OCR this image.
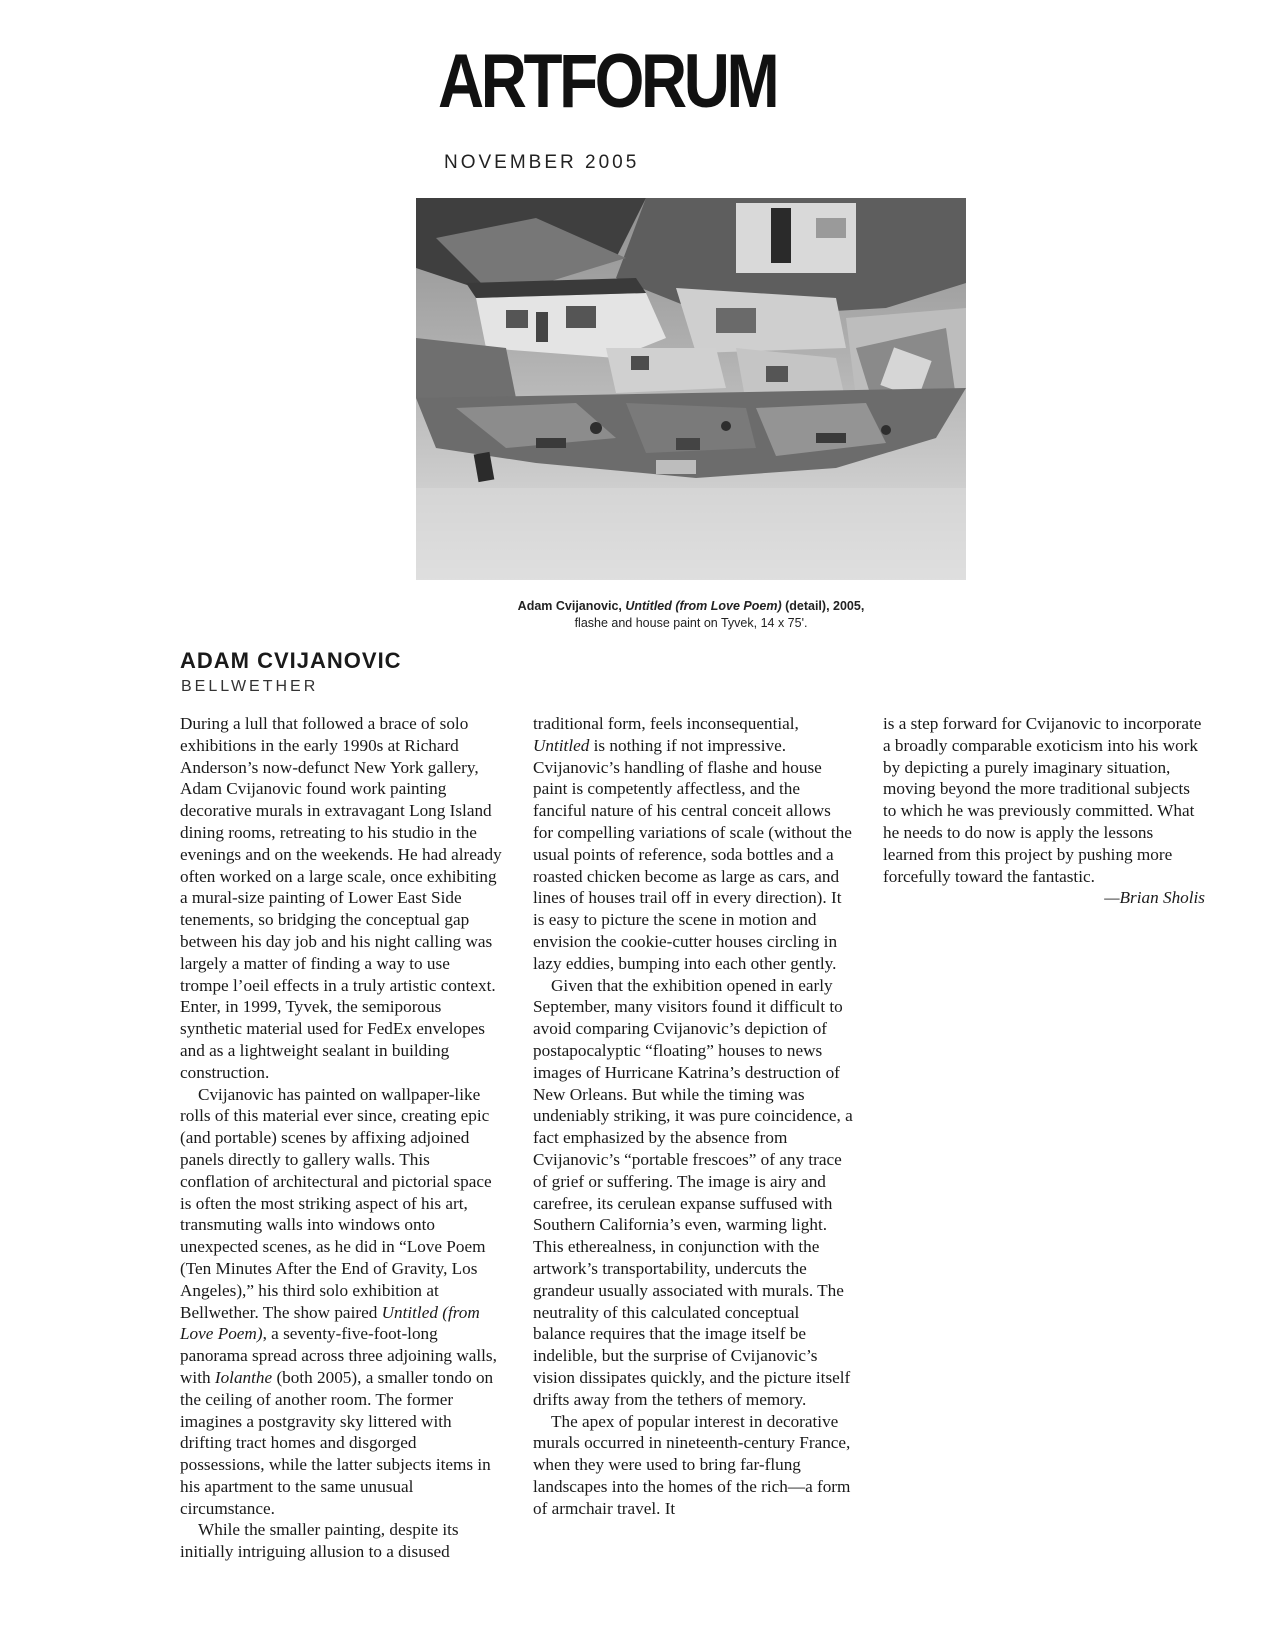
ARTFORUM
NOVEMBER 2005
Adam Cvijanovic, Untitled (from Love Poem) (detail), 2005,
flashe and house paint on Tyvek, 14 x 75'.
ADAM CVIJANOVIC
BELLWETHER

During a lull that followed a brace of solo exhibitions in the early 1990s at Richard Anderson’s now-defunct New York gallery, Adam Cvijanovic found work painting decorative murals in extravagant Long Island dining rooms, retreating to his studio in the evenings and on the weekends. He had already often worked on a large scale, once exhibiting a mural-size painting of Lower East Side tenements, so bridging the conceptual gap between his day job and his night calling was largely a matter of finding a way to use trompe l’oeil effects in a truly artistic context. Enter, in 1999, Tyvek, the semiporous synthetic material used for FedEx envelopes and as a lightweight sealant in building construction.

Cvijanovic has painted on wallpaper-like rolls of this material ever since, creating epic (and portable) scenes by affixing adjoined panels directly to gallery walls. This conflation of architectural and pictorial space is often the most striking aspect of his art, transmuting walls into windows onto unexpected scenes, as he did in “Love Poem (Ten Minutes After the End of Gravity, Los Angeles),” his third solo exhibition at Bellwether. The show paired Untitled (from Love Poem), a seventy-five-foot-long panorama spread across three adjoining walls, with Iolanthe (both 2005), a smaller tondo on the ceiling of another room. The former imagines a postgravity sky littered with drifting tract homes and disgorged possessions, while the latter subjects items in his apartment to the same unusual circumstance.

While the smaller painting, despite its initially intriguing allusion to a disused

traditional form, feels inconsequential, Untitled is nothing if not impressive. Cvijanovic’s handling of flashe and house paint is competently affectless, and the fanciful nature of his central conceit allows for compelling variations of scale (without the usual points of reference, soda bottles and a roasted chicken become as large as cars, and lines of houses trail off in every direction). It is easy to picture the scene in motion and envision the cookie-cutter houses circling in lazy eddies, bumping into each other gently.

Given that the exhibition opened in early September, many visitors found it difficult to avoid comparing Cvijanovic’s depiction of postapocalyptic “floating” houses to news images of Hurricane Katrina’s destruction of New Orleans. But while the timing was undeniably striking, it was pure coincidence, a fact emphasized by the absence from Cvijanovic’s “portable frescoes” of any trace of grief or suffering. The image is airy and carefree, its cerulean expanse suffused with Southern California’s even, warming light. This etherealness, in conjunction with the artwork’s transportability, undercuts the grandeur usually associated with murals. The neutrality of this calculated conceptual balance requires that the image itself be indelible, but the surprise of Cvijanovic’s vision dissipates quickly, and the picture itself drifts away from the tethers of memory.

The apex of popular interest in decorative murals occurred in nineteenth-century France, when they were used to bring far-flung landscapes into the homes of the rich—a form of armchair travel. It

is a step forward for Cvijanovic to incorporate a broadly comparable exoticism into his work by depicting a purely imaginary situation, moving beyond the more traditional subjects to which he was previously committed. What he needs to do now is apply the lessons learned from this project by pushing more forcefully toward the fantastic.

—Brian Sholis
